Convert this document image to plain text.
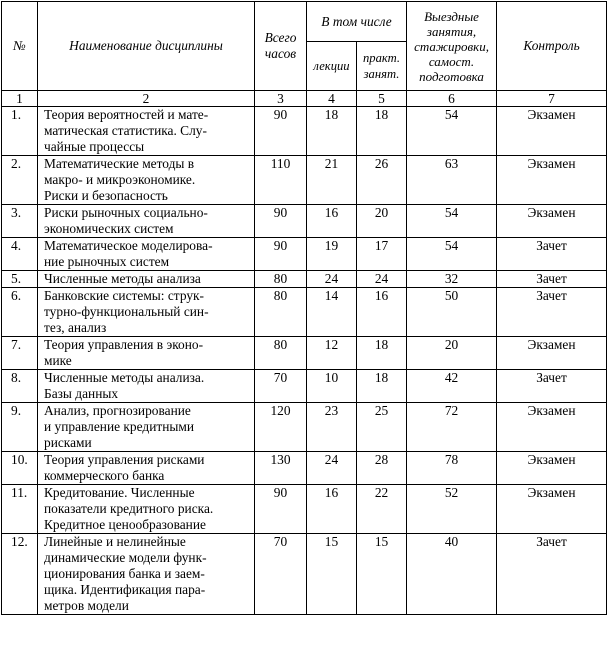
№	Наименование дисциплины	Всего часов	В том числе		Выездные занятия, стажировки, самост. подготовка	Контроль
			лекции	практ. занят.		
1	2	3	4	5	6	7
1.	Теория вероятностей и мате-
матическая статистика. Слу-
чайные процессы	90	18	18	54	Экзамен
2.	Математические методы в
макро- и микроэкономике.
Риски и безопасность	110	21	26	63	Экзамен
3.	Риски рыночных социально-
экономических систем	90	16	20	54	Экзамен
4.	Математическое моделирова-
ние рыночных систем	90	19	17	54	Зачет
5.	Численные методы анализа	80	24	24	32	Зачет
6.	Банковские системы: струк-
турно-функциональный син-
тез, анализ	80	14	16	50	Зачет
7.	Теория управления в эконо-
мике	80	12	18	20	Экзамен
8.	Численные методы анализа.
Базы данных	70	10	18	42	Зачет
9.	Анализ, прогнозирование
и управление кредитными
рисками	120	23	25	72	Экзамен
10.	Теория управления рисками
коммерческого банка	130	24	28	78	Экзамен
11.	Кредитование. Численные
показатели кредитного риска.
Кредитное ценообразование	90	16	22	52	Экзамен
12.	Линейные и нелинейные
динамические модели функ-
ционирования банка и заем-
щика. Идентификация пара-
метров модели	70	15	15	40	Зачет
